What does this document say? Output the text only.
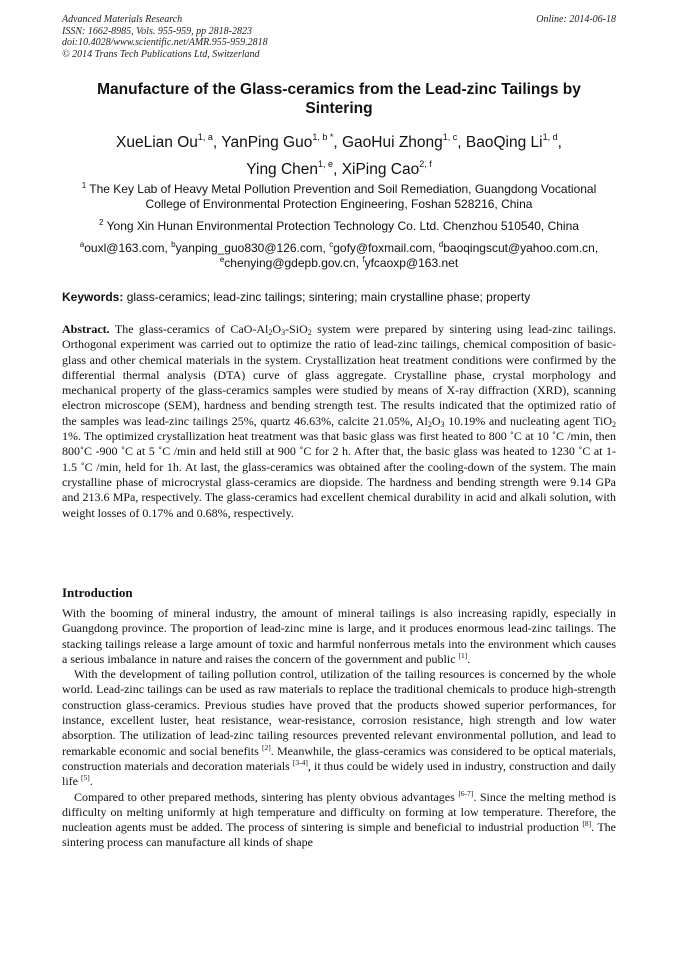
Advanced Materials Research
ISSN: 1662-8985, Vols. 955-959, pp 2818-2823
doi:10.4028/www.scientific.net/AMR.955-959.2818
© 2014 Trans Tech Publications Ltd, Switzerland
Online: 2014-06-18
Manufacture of the Glass-ceramics from the Lead-zinc Tailings by Sintering
XueLian Ou$^{1, a}$, YanPing Guo$^{1, b *}$, GaoHui Zhong$^{1, c}$, BaoQing Li$^{1, d}$,
Ying Chen$^{1, e}$, XiPing Cao$^{2, f}$
$^1$ The Key Lab of Heavy Metal Pollution Prevention and Soil Remediation, Guangdong Vocational College of Environmental Protection Engineering, Foshan 528216, China
$^2$ Yong Xin Hunan Environmental Protection Technology Co. Ltd. Chenzhou 510540, China
$^a$ouxl@163.com, $^b$yanping_guo830@126.com, $^c$gofy@foxmail.com, $^d$baoqingscut@yahoo.com.cn,
$^e$chenying@gdepb.gov.cn, $^f$yfcaoxp@163.net
Keywords: glass-ceramics; lead-zinc tailings; sintering; main crystalline phase; property
Abstract. The glass-ceramics of CaO-$Al_2O_3-SiO_2$ system were prepared by sintering using lead-zinc tailings. Orthogonal experiment was carried out to optimize the ratio of lead-zinc tailings, chemical composition of basic-glass and other chemical materials in the system. Crystallization heat treatment conditions were confirmed by the differential thermal analysis (DTA) curve of glass aggregate. Crystalline phase, crystal morphology and mechanical property of the glass-ceramics samples were studied by means of X-ray diffraction (XRD), scanning electron microscope (SEM), hardness and bending strength test. The results indicated that the optimized ratio of the samples was lead-zinc tailings 25%, quartz 46.63%, calcite 21.05%, $Al_2O_3$ 10.19% and nucleating agent TiO$_2$ 1%. The optimized crystallization heat treatment was that basic glass was first heated to 800 ˚C at 10 ˚C /min, then 800˚C -900 ˚C at 5 ˚C /min and held still at 900 ˚C for 2 h. After that, the basic glass was heated to 1230 ˚C at 1-1.5 ˚C /min, held for 1h. At last, the glass-ceramics was obtained after the cooling-down of the system. The main crystalline phase of microcrystal glass-ceramics are diopside. The hardness and bending strength were 9.14 GPa and 213.6 MPa, respectively. The glass-ceramics had excellent chemical durability in acid and alkali solution, with weight losses of 0.17% and 0.68%, respectively.
Introduction

With the booming of mineral industry, the amount of mineral tailings is also increasing rapidly, especially in Guangdong province. The proportion of lead-zinc mine is large, and it produces enormous lead-zinc tailings. The stacking tailings release a large amount of toxic and harmful nonferrous metals into the environment which causes a serious imbalance in nature and raises the concern of the government and public [1].

With the development of tailing pollution control, utilization of the tailing resources is concerned by the whole world. Lead-zinc tailings can be used as raw materials to replace the traditional chemicals to produce high-strength construction glass-ceramics. Previous studies have proved that the products showed superior performances, for instance, excellent luster, heat resistance, wear-resistance, corrosion resistance, high strength and low water absorption. The utilization of lead-zinc tailing resources prevented relevant environmental pollution, and lead to remarkable economic and social benefits [2]. Meanwhile, the glass-ceramics was considered to be optical materials, construction materials and decoration materials [3-4], it thus could be widely used in industry, construction and daily life [5].

Compared to other prepared methods, sintering has plenty obvious advantages [6-7]. Since the melting method is difficulty on melting uniformly at high temperature and difficulty on forming at low temperature. Therefore, the nucleation agents must be added. The process of sintering is simple and beneficial to industrial production [8]. The sintering process can manufacture all kinds of shape
